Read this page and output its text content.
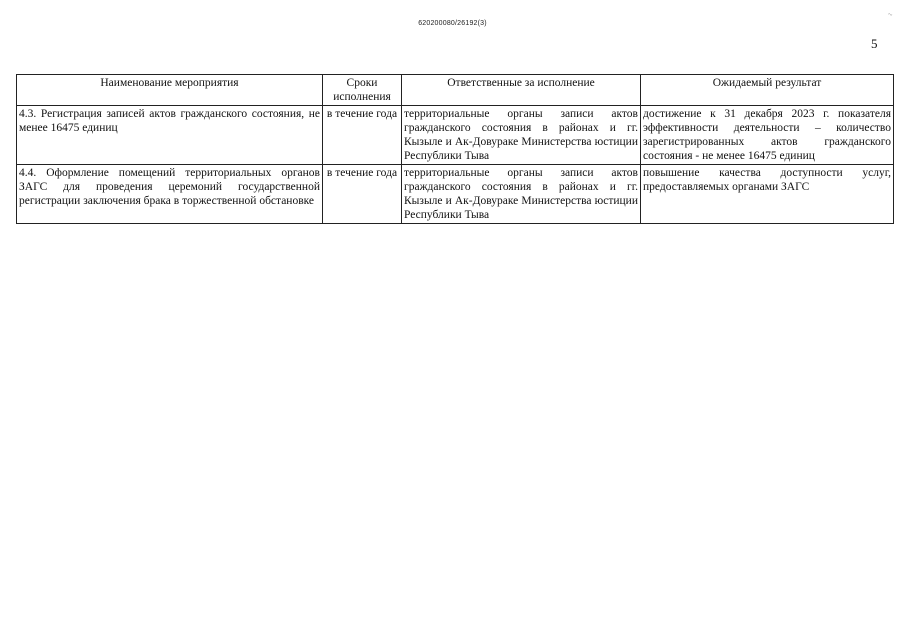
~
620200080/26192(3)
5
Наименование мероприятия	Сроки исполнения	Ответственные за исполнение	Ожидаемый результат
4.3. Регистрация записей актов гражданского состояния, не менее 16475 единиц	в течение года	территориальные органы записи актов гражданского состояния в районах и гг. Кызыле и Ак-Довураке Министерства юстиции Республики Тыва	достижение к 31 декабря 2023 г. показателя эффективности деятельности – количество зарегистрированных актов гражданского состояния - не менее 16475 единиц
4.4. Оформление помещений территориальных органов ЗАГС для проведения церемоний государственной регистрации заключения брака в торжественной обстановке	в течение года	территориальные органы записи актов гражданского состояния в районах и гг. Кызыле и Ак-Довураке Министерства юстиции Республики Тыва	повышение качества доступности услуг, предоставляемых органами ЗАГС
